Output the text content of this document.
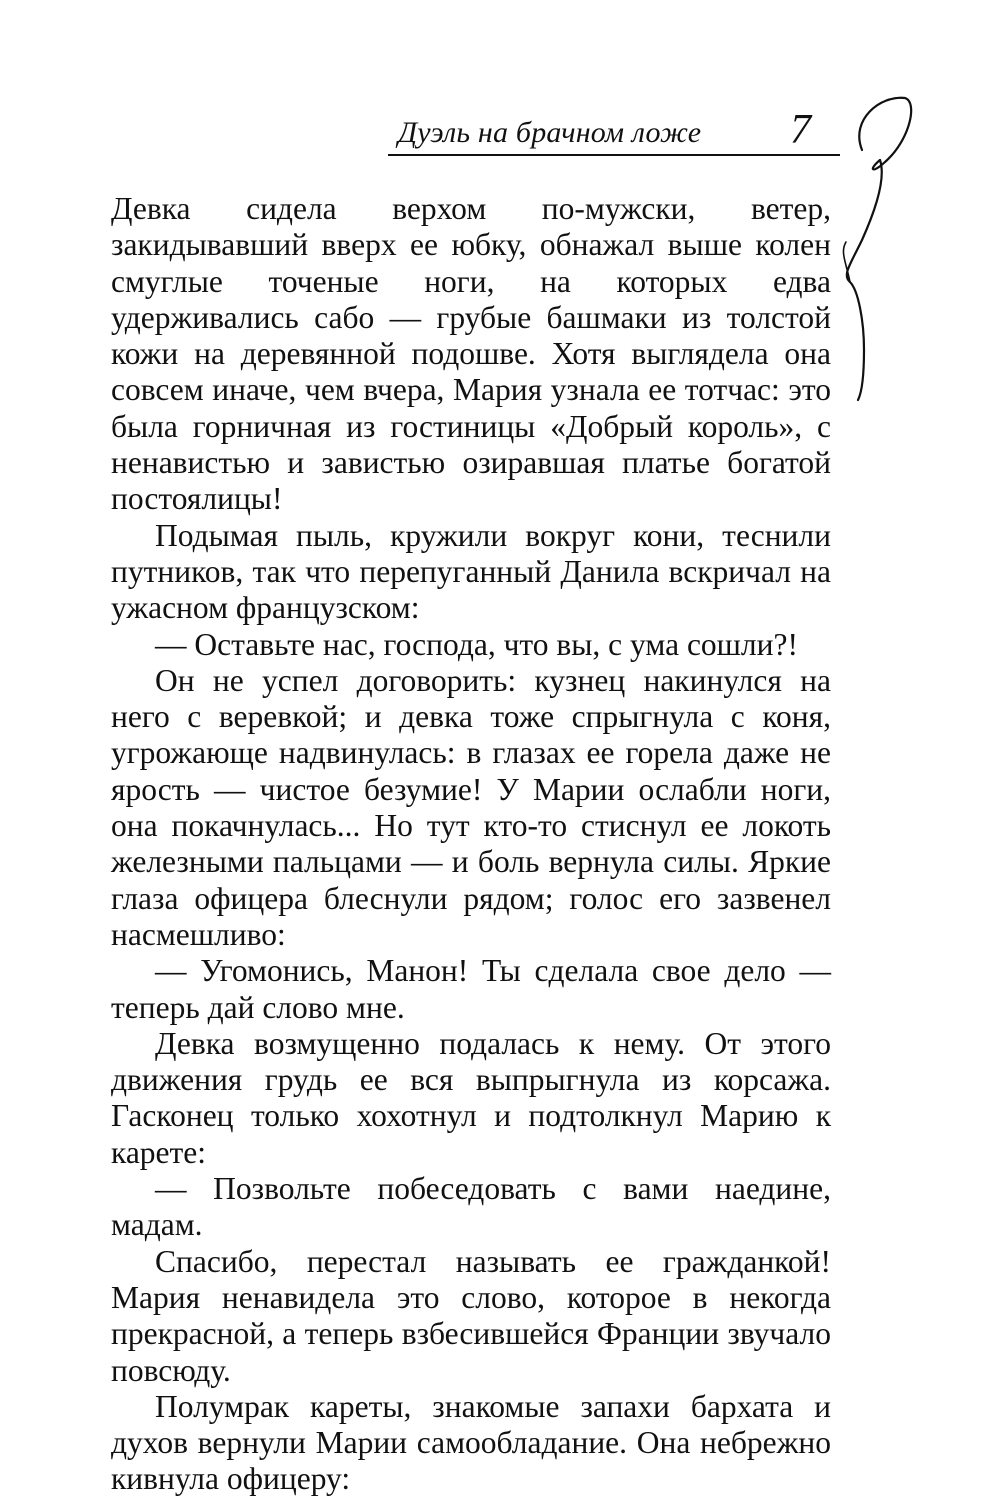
Дуэль на брачном ложе 7

Девка сидела верхом по-мужски, ветер, закидывавший вверх ее юбку, обнажал выше колен смуглые точеные ноги, на которых едва удерживались сабо — грубые башмаки из толстой кожи на деревянной подошве. Хотя выглядела она совсем иначе, чем вчера, Мария узнала ее тотчас: это была горничная из гостиницы «Добрый король», с ненавистью и завистью озиравшая платье богатой постоялицы!

Подымая пыль, кружили вокруг кони, теснили путников, так что перепуганный Данила вскричал на ужасном французском:

— Оставьте нас, господа, что вы, с ума сошли?!

Он не успел договорить: кузнец накинулся на него с веревкой; и девка тоже спрыгнула с коня, угрожающе надвинулась: в глазах ее горела даже не ярость — чистое безумие! У Марии ослабли ноги, она покачнулась... Но тут кто-то стиснул ее локоть железными пальцами — и боль вернула силы. Яркие глаза офицера блеснули рядом; голос его зазвенел насмешливо:

— Угомонись, Манон! Ты сделала свое дело — теперь дай слово мне.

Девка возмущенно подалась к нему. От этого движения грудь ее вся выпрыгнула из корсажа. Гасконец только хохотнул и подтолкнул Марию к карете:

— Позвольте побеседовать с вами наедине, мадам.

Спасибо, перестал называть ее гражданкой! Мария ненавидела это слово, которое в некогда прекрасной, а теперь взбесившейся Франции звучало повсюду.

Полумрак кареты, знакомые запахи бархата и духов вернули Марии самообладание. Она небрежно кивнула офицеру:
